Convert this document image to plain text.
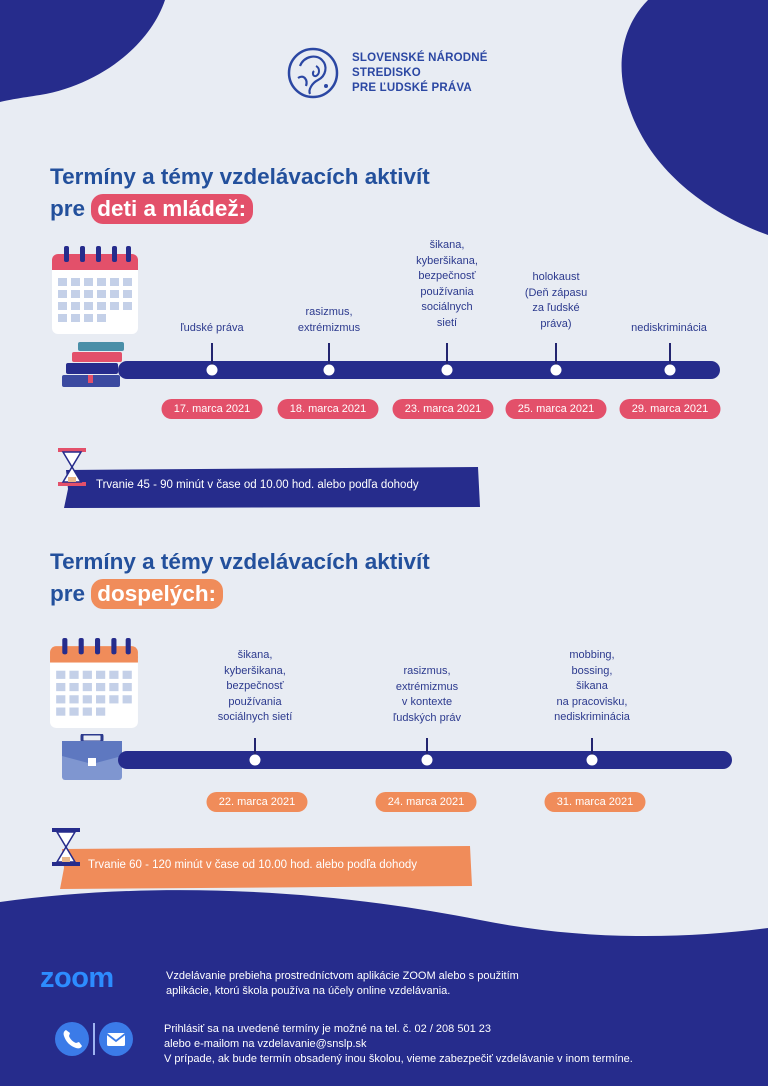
SLOVENSKÉ NÁRODNÉ
STREDISKO
PRE ĽUDSKÉ PRÁVA
Termíny a témy vzdelávacích aktivít
pre deti a mládež:
ľudské práva
17. marca 2021
rasizmus,
extrémizmus
18. marca 2021
šikana,
kyberšikana,
bezpečnosť
používania
sociálnych
sietí
23. marca 2021
holokaust
(Deň zápasu
za ľudské
práva)
25. marca 2021
nediskriminácia
29. marca 2021
Trvanie 45 - 90 minút v čase od 10.00 hod. alebo podľa dohody
Termíny a témy vzdelávacích aktivít
pre dospelých:
šikana,
kyberšikana,
bezpečnosť
používania
sociálnych sietí
22. marca 2021
rasizmus,
extrémizmus
v kontexte
ľudských práv
24. marca 2021
mobbing,
bossing,
šikana
na pracovisku,
nediskriminácia
31. marca 2021
Trvanie 60 - 120 minút v čase od 10.00 hod. alebo podľa dohody
zoom	Vzdelávanie prebieha prostredníctvom aplikácie ZOOM alebo s použitím
aplikácie, ktorú škola používa na účely online vzdelávania.
Prihlásiť sa na uvedené termíny je možné na tel. č. 02 / 208 501 23
alebo e-mailom na vzdelavanie@snslp.sk
V prípade, ak bude termín obsadený inou školou, vieme zabezpečiť vzdelávanie v inom termíne.
